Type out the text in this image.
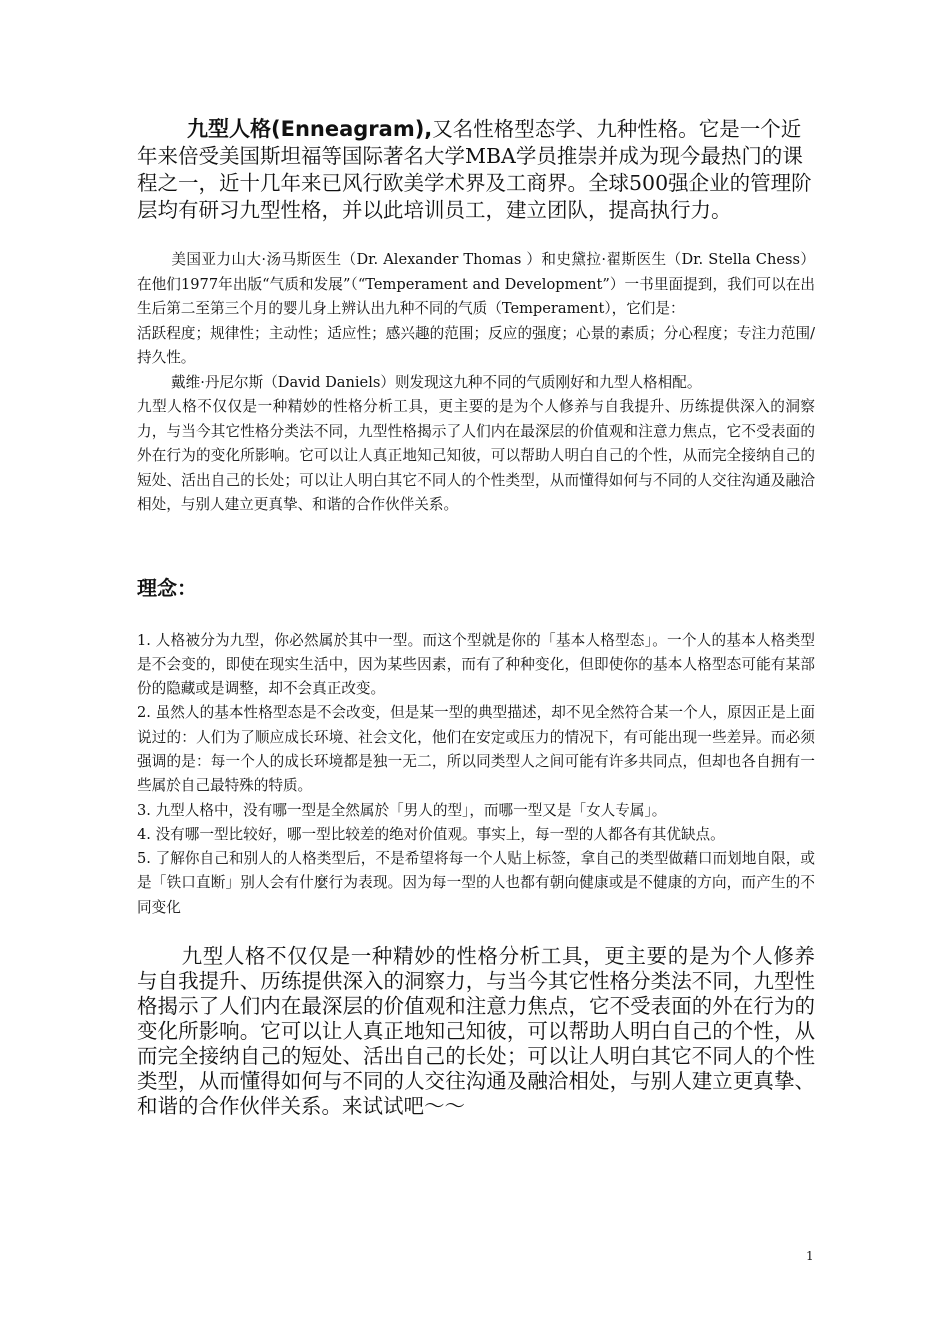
九型人格(Enneagram),又名性格型态学、九种性格。它是一个近年来倍受美国斯坦福等国际著名大学MBA学员推崇并成为现今最热门的课程之一，近十几年来已风行欧美学术界及工商界。全球500强企业的管理阶层均有研习九型性格，并以此培训员工，建立团队，提高执行力。

美国亚力山大·汤马斯医生（Dr. Alexander Thomas ）和史黛拉·翟斯医生（Dr. Stella Chess）在他们1977年出版“气质和发展”（“Temperament and Development”）一书里面提到，我们可以在出生后第二至第三个月的婴儿身上辨认出九种不同的气质（Temperament），它们是：

活跃程度；规律性；主动性；适应性；感兴趣的范围；反应的强度；心景的素质；分心程度；专注力范围/持久性。

戴维·丹尼尔斯（David Daniels）则发现这九种不同的气质刚好和九型人格相配。

九型人格不仅仅是一种精妙的性格分析工具，更主要的是为个人修养与自我提升、历练提供深入的洞察力，与当今其它性格分类法不同，九型性格揭示了人们内在最深层的价值观和注意力焦点，它不受表面的外在行为的变化所影响。它可以让人真正地知己知彼，可以帮助人明白自己的个性，从而完全接纳自己的短处、活出自己的长处；可以让人明白其它不同人的个性类型，从而懂得如何与不同的人交往沟通及融洽相处，与别人建立更真挚、和谐的合作伙伴关系。

理念：

1. 人格被分为九型，你必然属於其中一型。而这个型就是你的「基本人格型态」。一个人的基本人格类型是不会变的，即使在现实生活中，因为某些因素，而有了种种变化，但即使你的基本人格型态可能有某部份的隐藏或是调整，却不会真正改变。

2. 虽然人的基本性格型态是不会改变，但是某一型的典型描述，却不见全然符合某一个人，原因正是上面说过的：人们为了顺应成长环境、社会文化，他们在安定或压力的情况下，有可能出现一些差异。而必须强调的是：每一个人的成长环境都是独一无二，所以同类型人之间可能有许多共同点，但却也各自拥有一些属於自己最特殊的特质。

3. 九型人格中，没有哪一型是全然属於「男人的型」，而哪一型又是「女人专属」。

4. 没有哪一型比较好，哪一型比较差的绝对价值观。事实上，每一型的人都各有其优缺点。

5. 了解你自己和别人的人格类型后，不是希望将每一个人贴上标签，拿自己的类型做藉口而划地自限，或是「铁口直断」别人会有什麼行为表现。因为每一型的人也都有朝向健康或是不健康的方向，而产生的不同变化

九型人格不仅仅是一种精妙的性格分析工具，更主要的是为个人修养与自我提升、历练提供深入的洞察力，与当今其它性格分类法不同，九型性格揭示了人们内在最深层的价值观和注意力焦点，它不受表面的外在行为的变化所影响。它可以让人真正地知己知彼，可以帮助人明白自己的个性，从而完全接纳自己的短处、活出自己的长处；可以让人明白其它不同人的个性类型，从而懂得如何与不同的人交往沟通及融洽相处，与别人建立更真挚、和谐的合作伙伴关系。来试试吧～～

1
